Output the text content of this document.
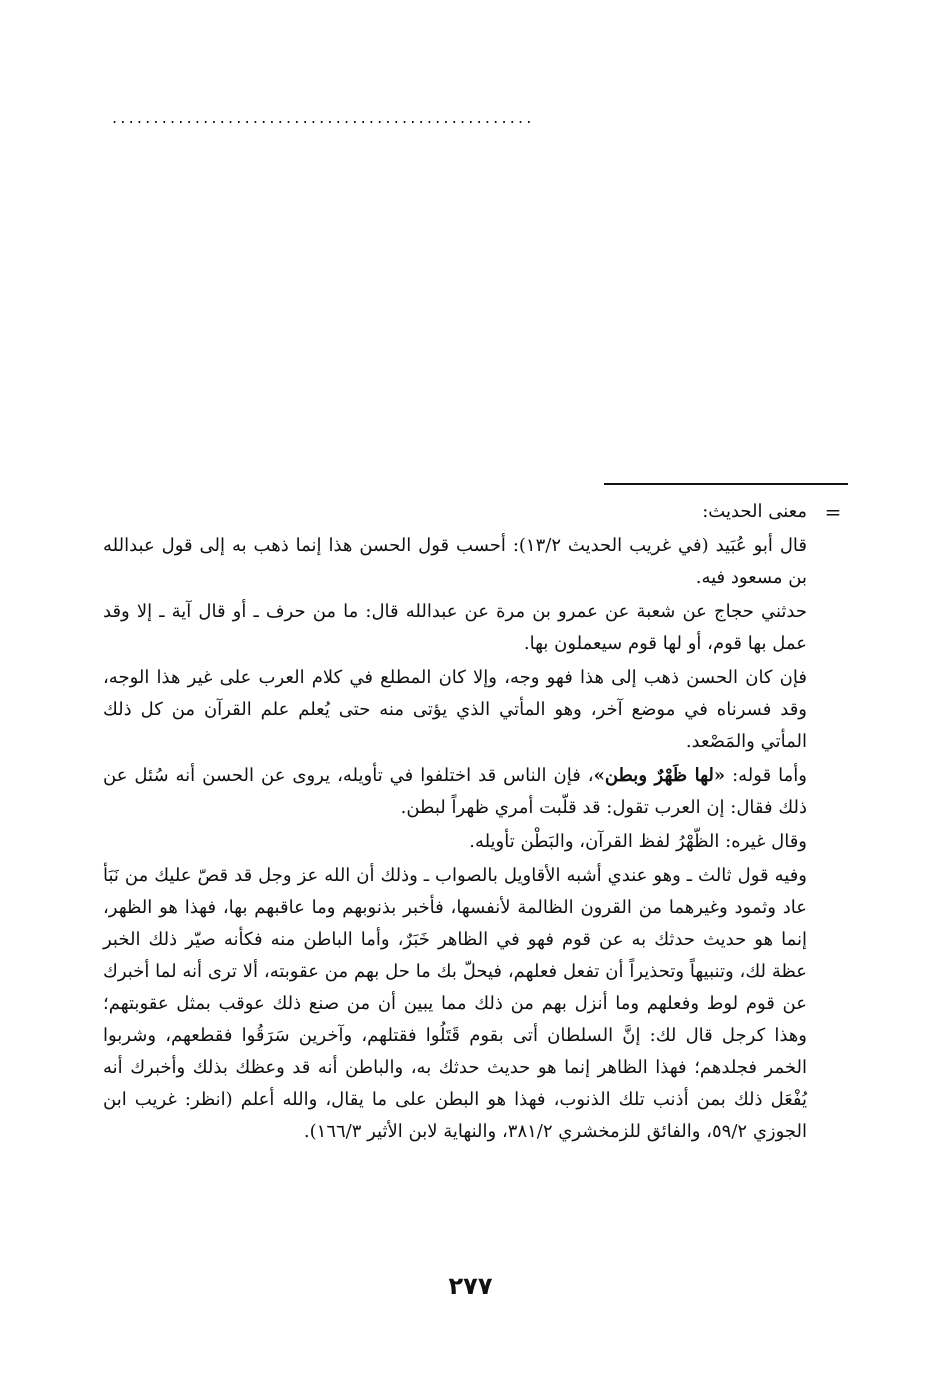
...................................................
=

معنى الحديث:

قال أبو عُبَيد (في غريب الحديث ١٣/٢): أحسب قول الحسن هذا إنما ذهب به إلى قول عبدالله بن مسعود فيه.

حدثني حجاج عن شعبة عن عمرو بن مرة عن عبدالله قال: ما من حرف ـ أو قال آية ـ إلا وقد عمل بها قوم، أو لها قوم سيعملون بها.

فإن كان الحسن ذهب إلى هذا فهو وجه، وإلا كان المطلع في كلام العرب على غير هذا الوجه، وقد فسرناه في موضع آخر، وهو المأتي الذي يؤتى منه حتى يُعلم علم القرآن من كل ذلك المأتي والمَصْعد.

وأما قوله: «لها ظَهْرٌ وبطن»، فإن الناس قد اختلفوا في تأويله، يروى عن الحسن أنه سُئل عن ذلك فقال: إن العرب تقول: قد قلّبت أمري ظهراً لبطن.

وقال غيره: الظّهْرُ لفظ القرآن، والبَطْن تأويله.

وفيه قول ثالث ـ وهو عندي أشبه الأقاويل بالصواب ـ وذلك أن الله عز وجل قد قصّ عليك من نَبَأ عاد وثمود وغيرهما من القرون الظالمة لأنفسها، فأخبر بذنوبهم وما عاقبهم بها، فهذا هو الظهر، إنما هو حديث حدثك به عن قوم فهو في الظاهر خَبَرٌ، وأما الباطن منه فكأنه صيّر ذلك الخبر عظة لك، وتنبيهاً وتحذيراً أن تفعل فعلهم، فيحلّ بك ما حل بهم من عقوبته، ألا ترى أنه لما أخبرك عن قوم لوط وفعلهم وما أنزل بهم من ذلك مما يبين أن من صنع ذلك عوقب بمثل عقوبتهم؛ وهذا كرجل قال لك: إنَّ السلطان أتى بقوم قَتَلُوا فقتلهم، وآخرين سَرَقُوا فقطعهم، وشربوا الخمر فجلدهم؛ فهذا الظاهر إنما هو حديث حدثك به، والباطن أنه قد وعظك بذلك وأخبرك أنه يُفْعَل ذلك بمن أذنب تلك الذنوب، فهذا هو البطن على ما يقال، والله أعلم (انظر: غريب ابن الجوزي ٥٩/٢، والفائق للزمخشري ٣٨١/٢، والنهاية لابن الأثير ١٦٦/٣).

٢٧٧
